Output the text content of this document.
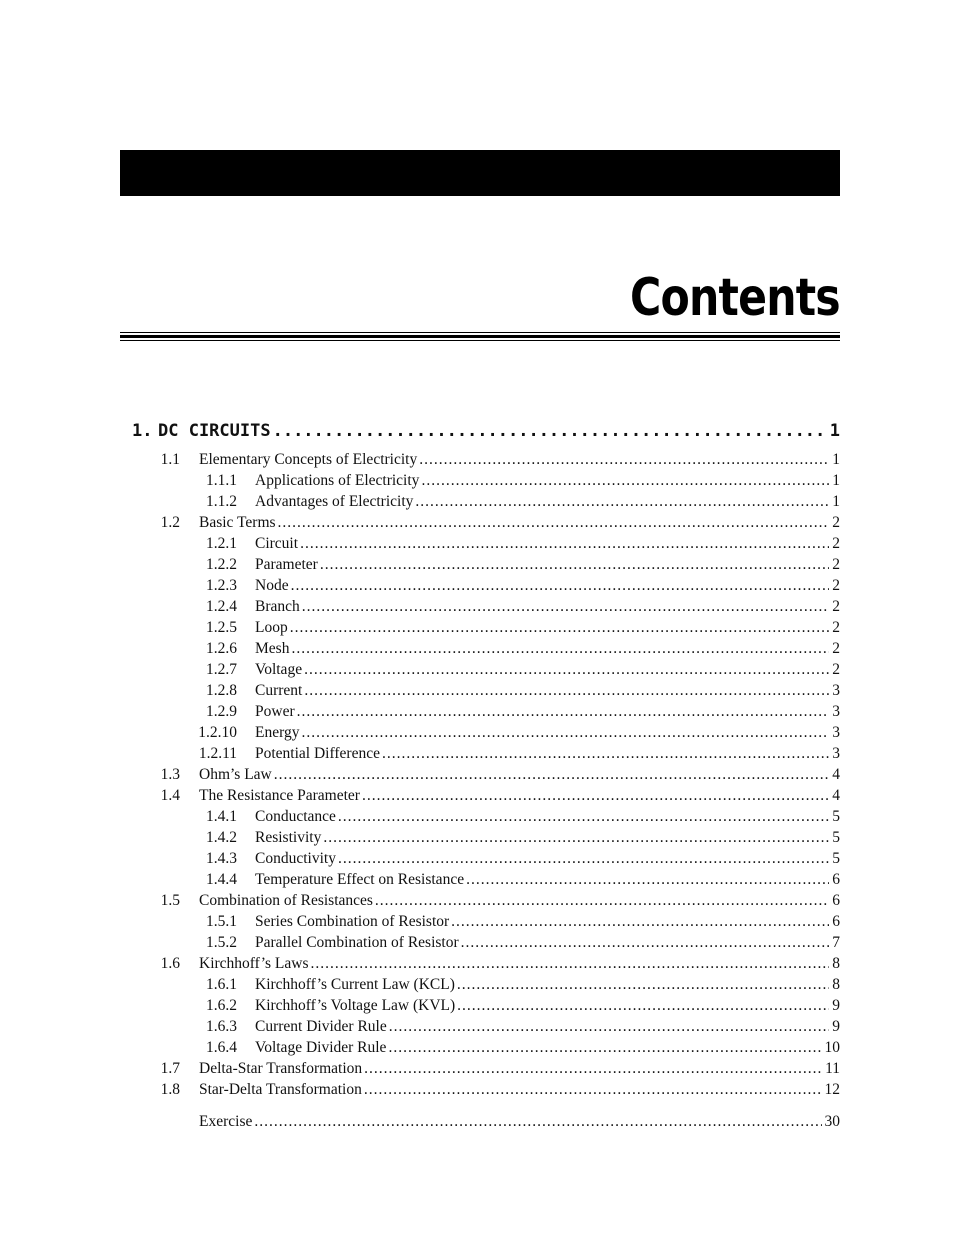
Contents
1. DC CIRCUITS .....	1
1.1 Elementary Concepts of Electricity .....	1
1.1.1 Applications of Electricity .....	1
1.1.2 Advantages of Electricity .....	1
1.2 Basic Terms .....	2
1.2.1 Circuit .....	2
1.2.2 Parameter .....	2
1.2.3 Node .....	2
1.2.4 Branch .....	2
1.2.5 Loop .....	2
1.2.6 Mesh .....	2
1.2.7 Voltage .....	2
1.2.8 Current .....	3
1.2.9 Power .....	3
1.2.10 Energy .....	3
1.2.11 Potential Difference .....	3
1.3 Ohm’s Law .....	4
1.4 The Resistance Parameter .....	4
1.4.1 Conductance .....	5
1.4.2 Resistivity .....	5
1.4.3 Conductivity .....	5
1.4.4 Temperature Effect on Resistance .....	6
1.5 Combination of Resistances .....	6
1.5.1 Series Combination of Resistor .....	6
1.5.2 Parallel Combination of Resistor .....	7
1.6 Kirchhoff’s Laws .....	8
1.6.1 Kirchhoff’s Current Law (KCL) .....	8
1.6.2 Kirchhoff’s Voltage Law (KVL) .....	9
1.6.3 Current Divider Rule .....	9
1.6.4 Voltage Divider Rule .....	10
1.7 Delta-Star Transformation .....	11
1.8 Star-Delta Transformation .....	12
Exercise .....	30
